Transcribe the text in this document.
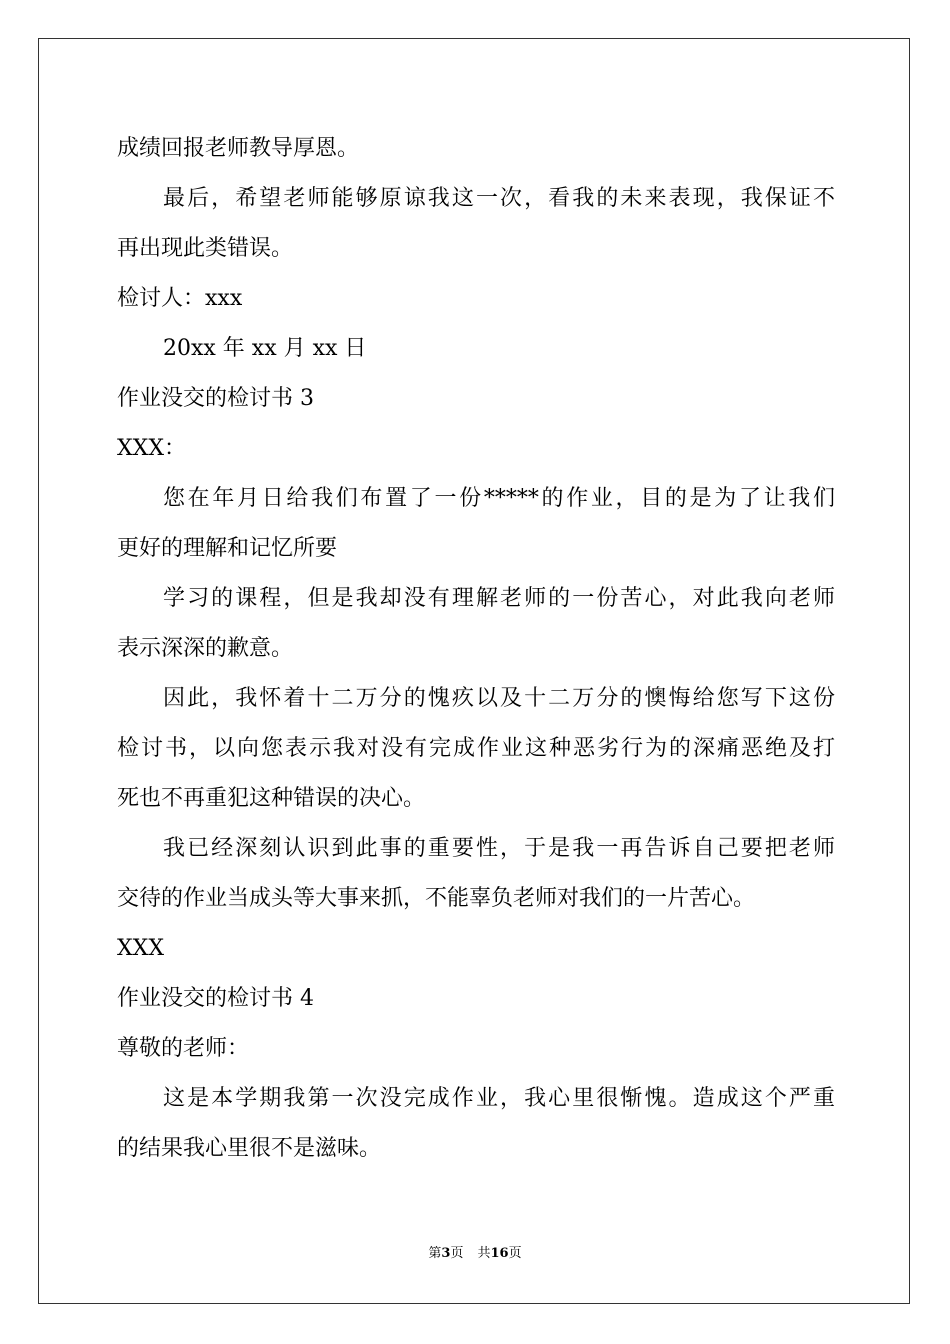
成绩回报老师教导厚恩。
最后，希望老师能够原谅我这一次，看我的未来表现，我保证不
再出现此类错误。
检讨人：xxx
20xx 年 xx 月 xx 日
作业没交的检讨书 3
XXX：
您在年月日给我们布置了一份*****的作业，目的是为了让我们
更好的理解和记忆所要
学习的课程，但是我却没有理解老师的一份苦心，对此我向老师
表示深深的歉意。
因此，我怀着十二万分的愧疚以及十二万分的懊悔给您写下这份
检讨书，以向您表示我对没有完成作业这种恶劣行为的深痛恶绝及打
死也不再重犯这种错误的决心。
我已经深刻认识到此事的重要性，于是我一再告诉自己要把老师
交待的作业当成头等大事来抓，不能辜负老师对我们的一片苦心。
XXX
作业没交的检讨书 4
尊敬的老师：
这是本学期我第一次没完成作业，我心里很惭愧。造成这个严重
的结果我心里很不是滋味。
第3页 共16页
